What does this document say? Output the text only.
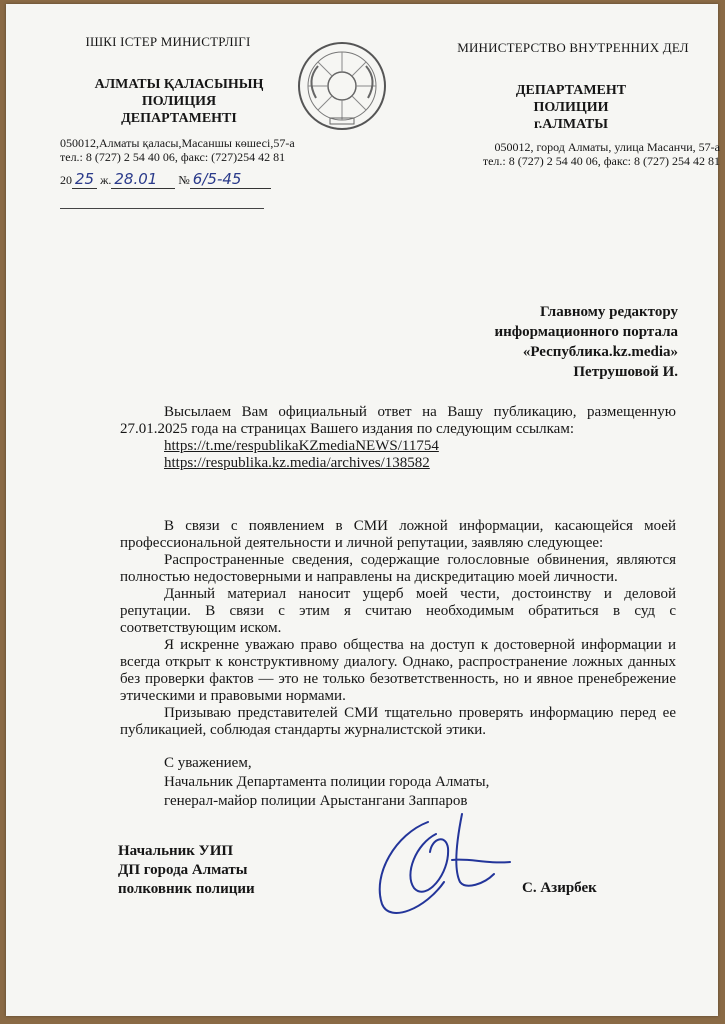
ІШКІ ІСТЕР МИНИСТРЛІГІ
АЛМАТЫ ҚАЛАСЫНЫҢ
ПОЛИЦИЯ
ДЕПАРТАМЕНТІ
050012,Алматы қаласы,Масаншы көшесі,57-а
тел.: 8 (727) 2 54 40 06, факс: (727)254 42 81
МИНИСТЕРСТВО ВНУТРЕННИХ ДЕЛ
ДЕПАРТАМЕНТ
ПОЛИЦИИ
г.АЛМАТЫ
050012, город Алматы, улица Масанчи, 57-а
тел.: 8 (727) 2 54 40 06, факс: 8 (727) 254 42 81
20 25 ж. 28.01 № 6/5-45
Главному редактору
информационного портала
«Республика.kz.media»
Петрушовой И.

Высылаем Вам официальный ответ на Вашу публикацию, размещенную 27.01.2025 года на страницах Вашего издания по следующим ссылкам:

https://t.me/respublikaKZmediaNEWS/11754
https://respublika.kz.media/archives/138582

В связи с появлением в СМИ ложной информации, касающейся моей профессиональной деятельности и личной репутации, заявляю следующее:

Распространенные сведения, содержащие голословные обвинения, являются полностью недостоверными и направлены на дискредитацию моей личности.

Данный материал наносит ущерб моей чести, достоинству и деловой репутации. В связи с этим я считаю необходимым обратиться в суд с соответствующим иском.

Я искренне уважаю право общества на доступ к достоверной информации и всегда открыт к конструктивному диалогу. Однако, распространение ложных данных без проверки фактов — это не только безответственность, но и явное пренебрежение этическими и правовыми нормами.

Призываю представителей СМИ тщательно проверять информацию перед ее публикацией, соблюдая стандарты журналистской этики.

С уважением,
Начальник Департамента полиции города Алматы,
генерал-майор полиции Арыстангани Заппаров
Начальник УИП
ДП города Алматы
полковник полиции	С. Азирбек
